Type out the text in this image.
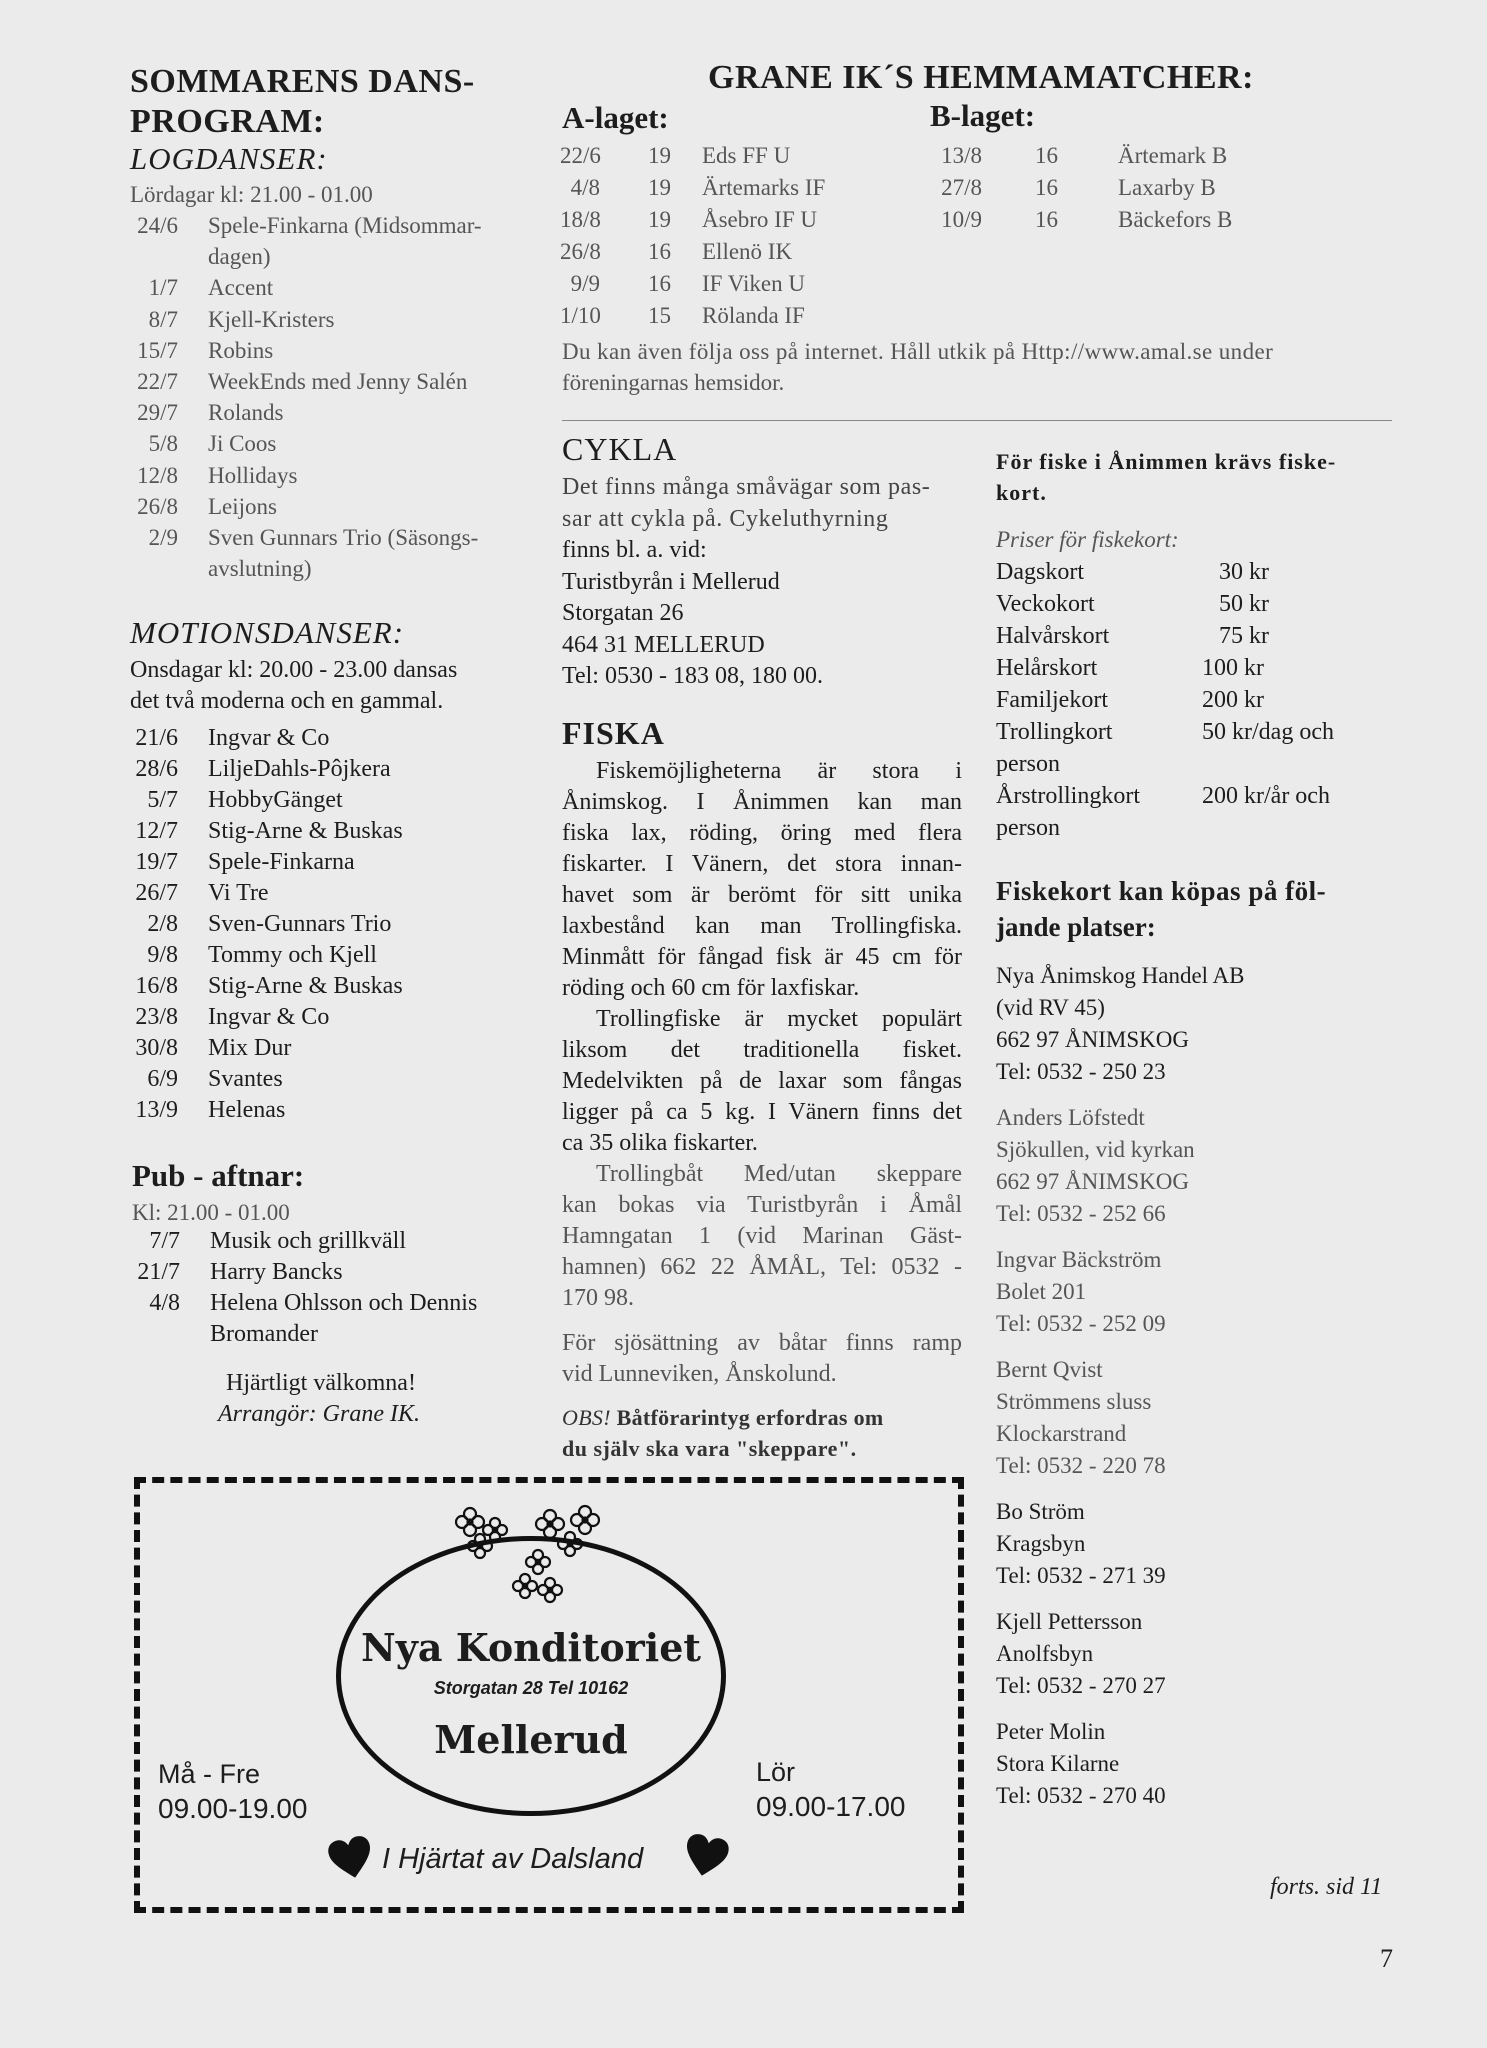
SOMMARENS DANS-
PROGRAM:
LOGDANSER:
Lördagar kl: 21.00 - 01.00
24/6 Spele-Finkarna (Midsommar-
dagen)
1/7 Accent
8/7 Kjell-Kristers
15/7 Robins
22/7 WeekEnds med Jenny Salén
29/7 Rolands
5/8 Ji Coos
12/8 Hollidays
26/8 Leijons
2/9 Sven Gunnars Trio (Säsongs-
avslutning)
MOTIONSDANSER:
Onsdagar kl: 20.00 - 23.00 dansas
det två moderna och en gammal.
21/6 Ingvar & Co
28/6 LiljeDahls-Pôjkera
5/7 HobbyGänget
12/7 Stig-Arne & Buskas
19/7 Spele-Finkarna
26/7 Vi Tre
2/8 Sven-Gunnars Trio
9/8 Tommy och Kjell
16/8 Stig-Arne & Buskas
23/8 Ingvar & Co
30/8 Mix Dur
6/9 Svantes
13/9 Helenas
Pub - aftnar:
Kl: 21.00 - 01.00
7/7 Musik och grillkväll
21/7 Harry Bancks
4/8 Helena Ohlsson och Dennis
Bromander
Hjärtligt välkomna!
Arrangör: Grane IK.
GRANE IK´S HEMMAMATCHER:
A-laget:	B-laget:
22/6 19 Eds FF U
4/8 19 Ärtemarks IF
18/8 19 Åsebro IF U
26/8 16 Ellenö IK
9/9 16 IF Viken U
1/10 15 Rölanda IF
13/8 16	Ärtemark B
27/8 16	Laxarby B
10/9 16	Bäckefors B
Du kan även följa oss på internet. Håll utkik på Http://www.amal.se under
föreningarnas hemsidor.
CYKLA
Det finns många småvägar som pas-
sar att cykla på. Cykeluthyrning
finns bl. a. vid:
Turistbyrån i Mellerud
Storgatan 26
464 31 MELLERUD
Tel: 0530 - 183 08, 180 00.
FISKA
Fiskemöjligheterna är stora i
Ånimskog. I Ånimmen kan man
fiska lax, röding, öring med flera
fiskarter. I Vänern, det stora innan-
havet som är berömt för sitt unika
laxbestånd kan man Trollingfiska.
Minmått för fångad fisk är 45 cm för
röding och 60 cm för laxfiskar.
Trollingfiske är mycket populärt
liksom det traditionella fisket.
Medelvikten på de laxar som fångas
ligger på ca 5 kg. I Vänern finns det
ca 35 olika fiskarter.
Trollingbåt Med/utan skeppare
kan bokas via Turistbyrån i Åmål
Hamngatan 1 (vid Marinan Gäst-
hamnen) 662 22 ÅMÅL, Tel: 0532 -
170 98.
För sjösättning av båtar finns ramp
vid Lunneviken, Ånskolund.
OBS! Båtförarintyg erfordras om
du själv ska vara "skeppare".
För fiske i Ånimmen krävs fiske-
kort.
Priser för fiskekort:
Dagskort	30 kr
Veckokort	50 kr
Halvårskort	75 kr
Helårskort	100 kr
Familjekort	200 kr
Trollingkort	50 kr/dag och
person
Årstrollingkort	200 kr/år och
person
Fiskekort kan köpas på föl-
jande platser:
Nya Ånimskog Handel AB
(vid RV 45)
662 97 ÅNIMSKOG
Tel: 0532 - 250 23
Anders Löfstedt
Sjökullen, vid kyrkan
662 97 ÅNIMSKOG
Tel: 0532 - 252 66
Ingvar Bäckström
Bolet 201
Tel: 0532 - 252 09
Bernt Qvist
Strömmens sluss
Klockarstrand
Tel: 0532 - 220 78
Bo Ström
Kragsbyn
Tel: 0532 - 271 39
Kjell Pettersson
Anolfsbyn
Tel: 0532 - 270 27
Peter Molin
Stora Kilarne
Tel: 0532 - 270 40
forts. sid 11
Nya Konditoriet
Storgatan 28 Tel 10162
Mellerud
Må - Fre
09.00-19.00
Lör
09.00-17.00
I Hjärtat av Dalsland
7
